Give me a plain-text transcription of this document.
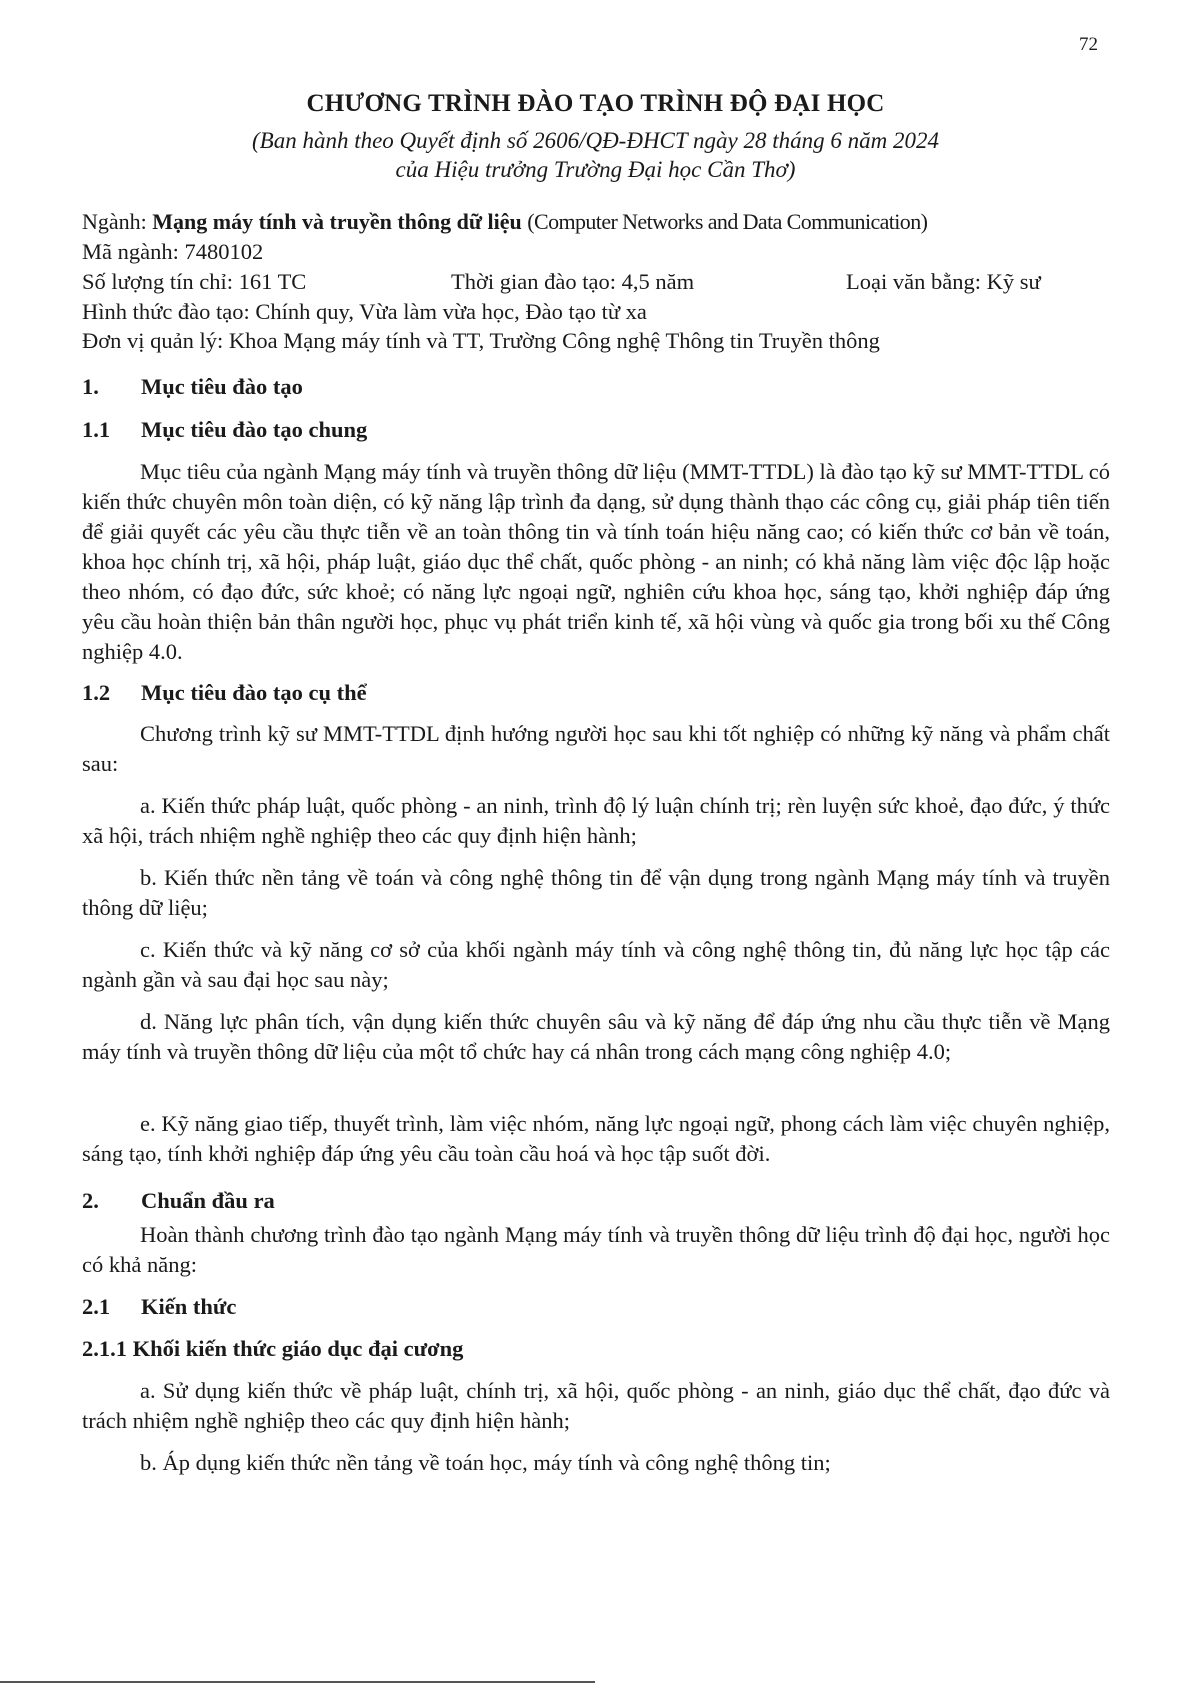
72
CHƯƠNG TRÌNH ĐÀO TẠO TRÌNH ĐỘ ĐẠI HỌC
(Ban hành theo Quyết định số 2606/QĐ-ĐHCT ngày 28 tháng 6 năm 2024
của Hiệu trưởng Trường Đại học Cần Thơ)
Ngành: Mạng máy tính và truyền thông dữ liệu (Computer Networks and Data Communication)
Mã ngành: 7480102
Số lượng tín chỉ: 161 TC	Thời gian đào tạo: 4,5 năm	Loại văn bằng: Kỹ sư
Hình thức đào tạo: Chính quy, Vừa làm vừa học, Đào tạo từ xa
Đơn vị quản lý: Khoa Mạng máy tính và TT, Trường Công nghệ Thông tin Truyền thông
1. Mục tiêu đào tạo
1.1 Mục tiêu đào tạo chung

Mục tiêu của ngành Mạng máy tính và truyền thông dữ liệu (MMT-TTDL) là đào tạo kỹ sư MMT-TTDL có kiến thức chuyên môn toàn diện, có kỹ năng lập trình đa dạng, sử dụng thành thạo các công cụ, giải pháp tiên tiến để giải quyết các yêu cầu thực tiễn về an toàn thông tin và tính toán hiệu năng cao; có kiến thức cơ bản về toán, khoa học chính trị, xã hội, pháp luật, giáo dục thể chất, quốc phòng - an ninh; có khả năng làm việc độc lập hoặc theo nhóm, có đạo đức, sức khoẻ; có năng lực ngoại ngữ, nghiên cứu khoa học, sáng tạo, khởi nghiệp đáp ứng yêu cầu hoàn thiện bản thân người học, phục vụ phát triển kinh tế, xã hội vùng và quốc gia trong bối xu thế Công nghiệp 4.0.

1.2 Mục tiêu đào tạo cụ thể

Chương trình kỹ sư MMT-TTDL định hướng người học sau khi tốt nghiệp có những kỹ năng và phẩm chất sau:

a. Kiến thức pháp luật, quốc phòng - an ninh, trình độ lý luận chính trị; rèn luyện sức khoẻ, đạo đức, ý thức xã hội, trách nhiệm nghề nghiệp theo các quy định hiện hành;

b. Kiến thức nền tảng về toán và công nghệ thông tin để vận dụng trong ngành Mạng máy tính và truyền thông dữ liệu;

c. Kiến thức và kỹ năng cơ sở của khối ngành máy tính và công nghệ thông tin, đủ năng lực học tập các ngành gần và sau đại học sau này;

d. Năng lực phân tích, vận dụng kiến thức chuyên sâu và kỹ năng để đáp ứng nhu cầu thực tiễn về Mạng máy tính và truyền thông dữ liệu của một tổ chức hay cá nhân trong cách mạng công nghiệp 4.0;

e. Kỹ năng giao tiếp, thuyết trình, làm việc nhóm, năng lực ngoại ngữ, phong cách làm việc chuyên nghiệp, sáng tạo, tính khởi nghiệp đáp ứng yêu cầu toàn cầu hoá và học tập suốt đời.

2. Chuẩn đầu ra

Hoàn thành chương trình đào tạo ngành Mạng máy tính và truyền thông dữ liệu trình độ đại học, người học có khả năng:

2.1 Kiến thức
2.1.1 Khối kiến thức giáo dục đại cương

a. Sử dụng kiến thức về pháp luật, chính trị, xã hội, quốc phòng - an ninh, giáo dục thể chất, đạo đức và trách nhiệm nghề nghiệp theo các quy định hiện hành;

b. Áp dụng kiến thức nền tảng về toán học, máy tính và công nghệ thông tin;
